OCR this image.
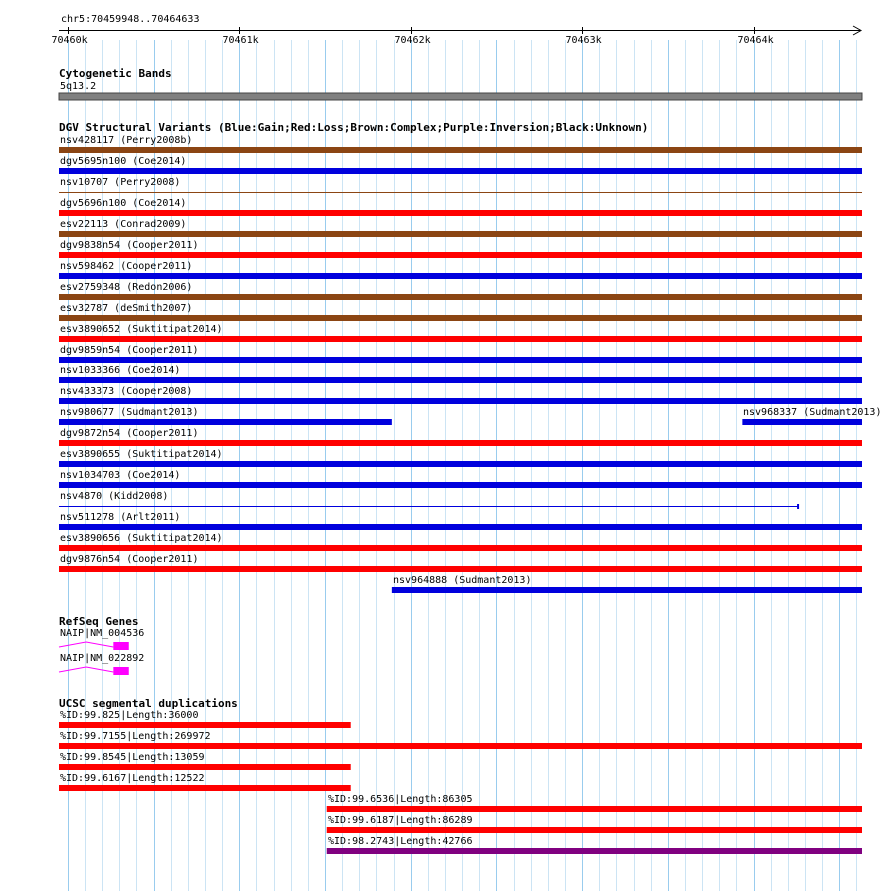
chr5:70459948..70464633
70460k	70461k	70462k	70463k	70464k
Cytogenetic Bands
5q13.2
DGV Structural Variants (Blue:Gain;Red:Loss;Brown:Complex;Purple:Inversion;Black:Unknown)
nsv428117 (Perry2008b)
dgv5695n100 (Coe2014)
nsv10707 (Perry2008)
dgv5696n100 (Coe2014)
esv22113 (Conrad2009)
dgv9838n54 (Cooper2011)
nsv598462 (Cooper2011)
esv2759348 (Redon2006)
esv32787 (deSmith2007)
esv3890652 (Suktitipat2014)
dgv9859n54 (Cooper2011)
nsv1033366 (Coe2014)
nsv433373 (Cooper2008)
nsv980677 (Sudmant2013)	nsv968337 (Sudmant2013)
dgv9872n54 (Cooper2011)
esv3890655 (Suktitipat2014)
nsv1034703 (Coe2014)
nsv4870 (Kidd2008)
nsv511278 (Arlt2011)
esv3890656 (Suktitipat2014)
dgv9876n54 (Cooper2011)
nsv964888 (Sudmant2013)
RefSeq Genes
NAIP|NM_004536
NAIP|NM_022892
UCSC segmental duplications
%ID:99.825|Length:36000
%ID:99.7155|Length:269972
%ID:99.8545|Length:13059
%ID:99.6167|Length:12522
%ID:99.6536|Length:86305
%ID:99.6187|Length:86289
%ID:98.2743|Length:42766
